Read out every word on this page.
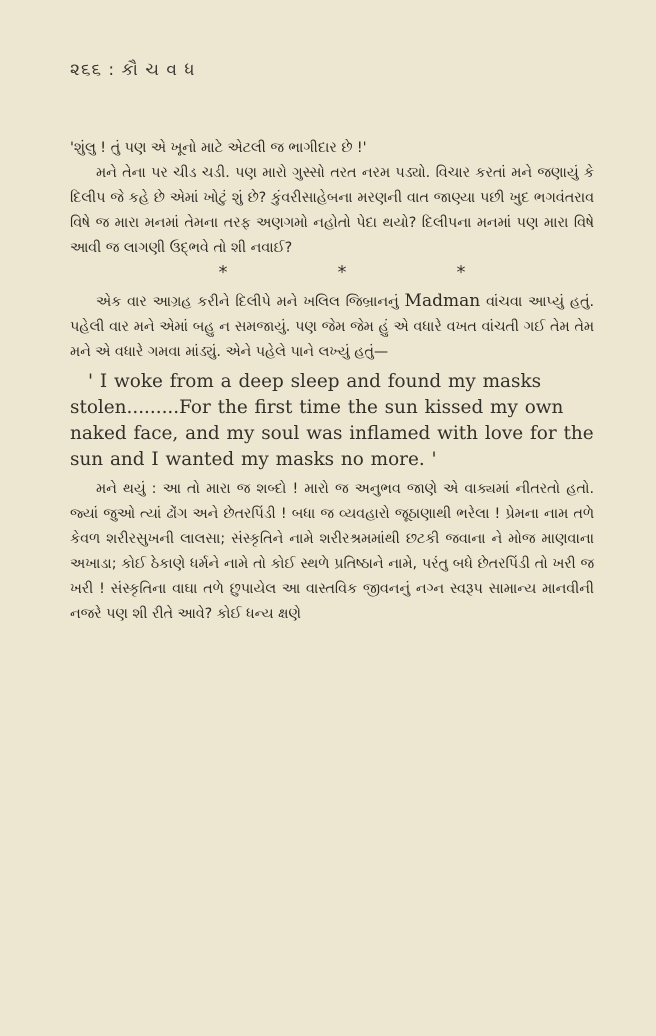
૨૬૬ : કૌ ચ વ ધ

'શુંલુ ! તું પણ એ ખૂનો માટે એટલી જ ભાગીદાર છે !'

મને તેના પર ચીડ ચડી. પણ મારો ગુસ્સો તરત નરમ પડ્યો. વિચાર કરતાં મને જણાયું કે દિલીપ જે કહે છે એમાં ખોટું શું છે? કુંવરીસાહેબના મરણની વાત જાણ્યા પછી ખુદ ભગવંતરાવ વિષે જ મારા મનમાં તેમના તરફ અણગમો નહોતો પેદા થયો? દિલીપના મનમાં પણ મારા વિષે આવી જ લાગણી ઉદ્ભવે તો શી નવાઈ?

*	*	*

એક વાર આગ્રહ કરીને દિલીપે મને ખલિલ જિબ્રાનનું Madman વાંચવા આપ્યું હતું. પહેલી વાર મને એમાં બહુ ન સમજાયું. પણ જેમ જેમ હું એ વધારે વખત વાંચતી ગઈ તેમ તેમ મને એ વધારે ગમવા માંડ્યું. એને પહેલે પાને લખ્યું હતું—

' I woke from a deep sleep and found my masks stolen.........For the first time the sun kissed my own naked face, and my soul was inflamed with love for the sun and I wanted my masks no more. '

મને થયું : આ તો મારા જ શબ્દો ! મારો જ અનુભવ જાણે એ વાક્યમાં નીતરતો હતો. જ્યાં જુઓ ત્યાં ઢોંગ અને છેતરપિંડી ! બધા જ વ્યવહારો જૂઠાણાથી ભરેલા ! પ્રેમના નામ તળે કેવળ શરીરસુખની લાલસા; સંસ્કૃતિને નામે શરીરશ્રમમાંથી છટકી જવાના ને મોજ માણવાના અખાડા; કોઈ ઠેકાણે ધર્મને નામે તો કોઈ સ્થળે પ્રતિષ્ઠાને નામે, પરંતુ બધે છેતરપિંડી તો ખરી જ ખરી ! સંસ્કૃતિના વાઘા તળે છુપાયેલ આ વાસ્તવિક જીવનનું નગ્ન સ્વરૂપ સામાન્ય માનવીની નજરે પણ શી રીતે આવે? કોઈ ધન્ય ક્ષણે
